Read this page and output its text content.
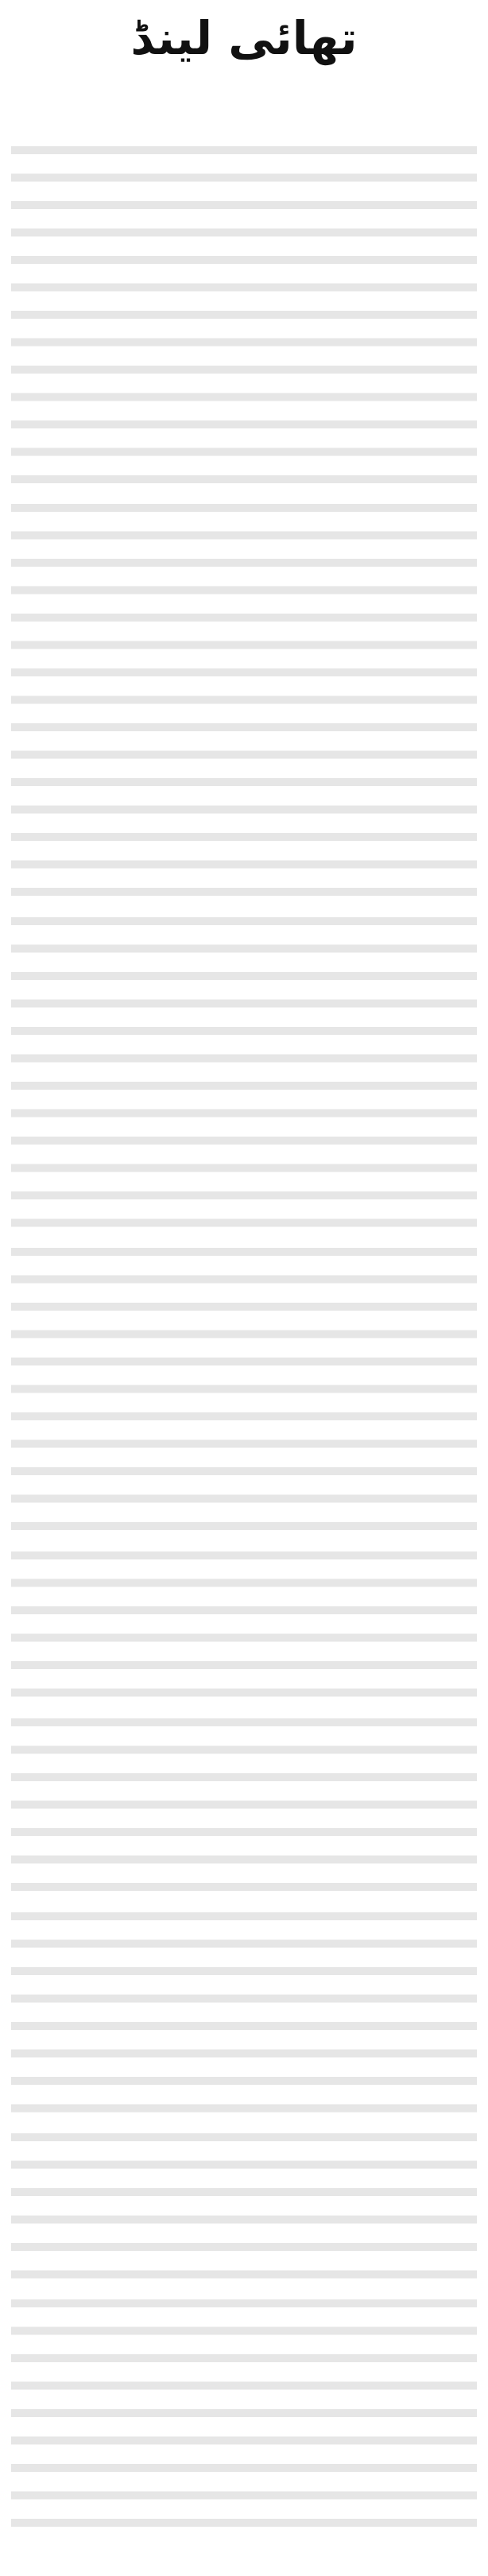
تھائی لینڈ
